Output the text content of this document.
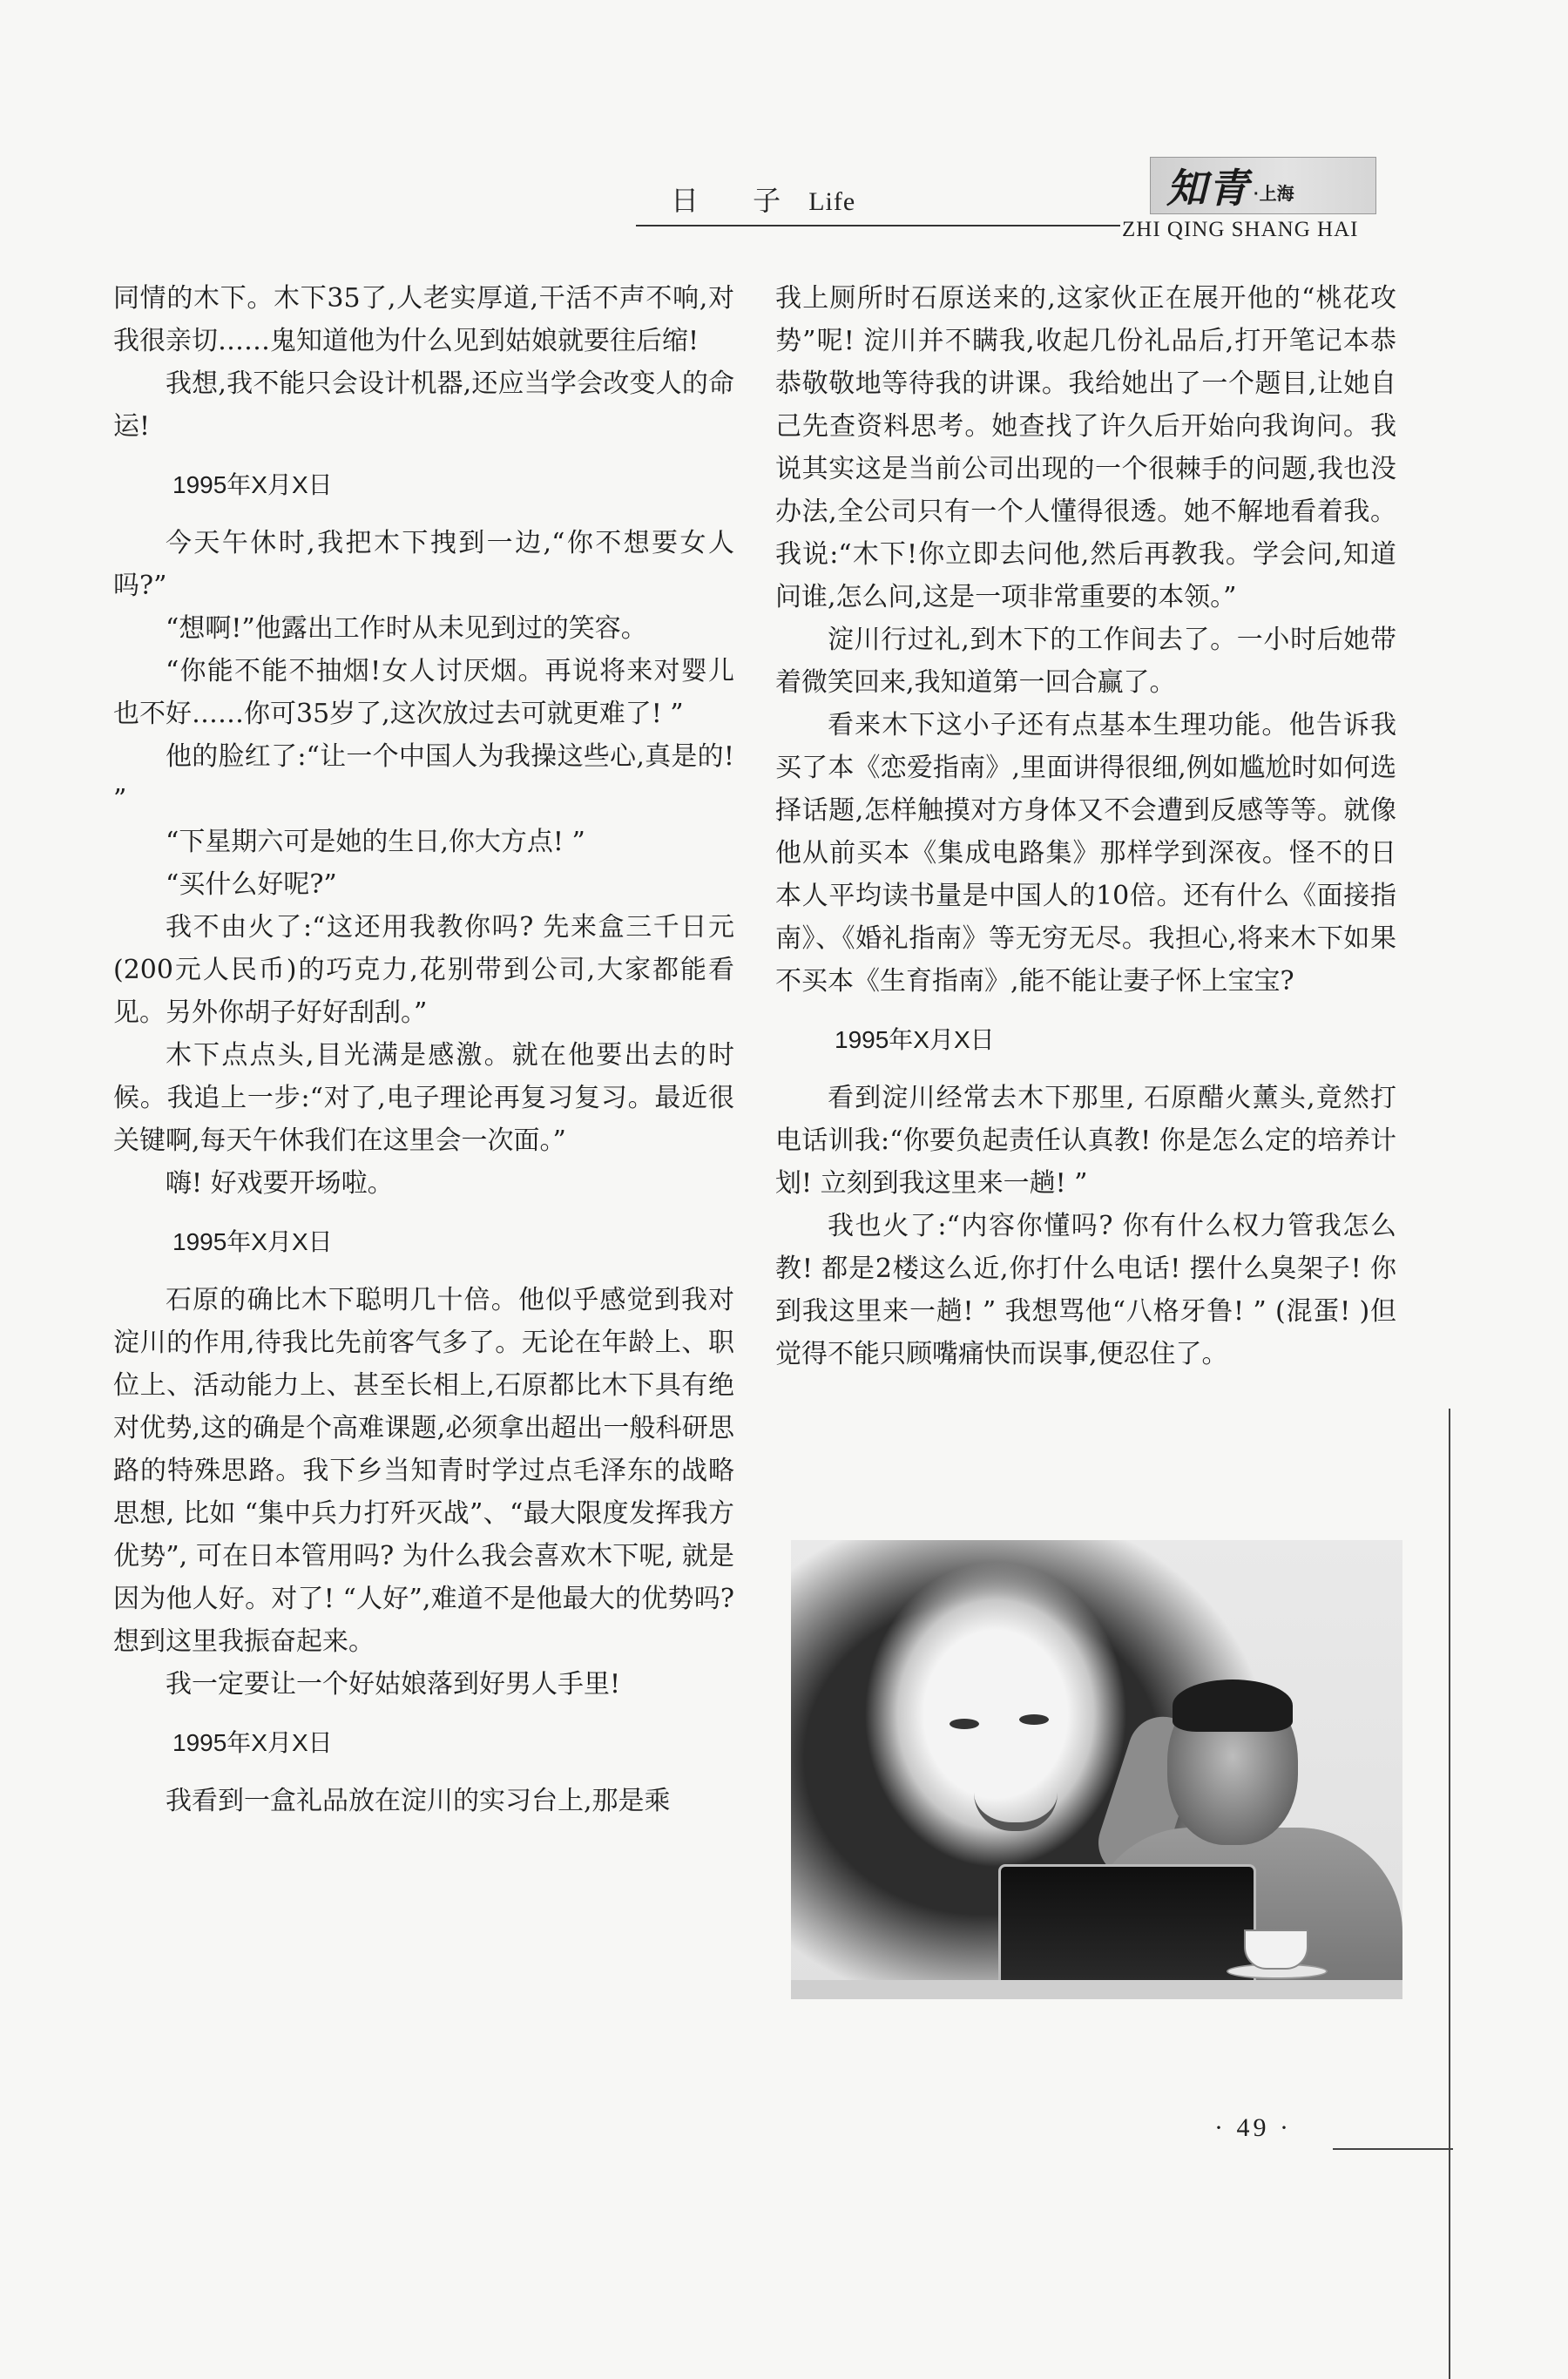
日 子 Life	知青 ·上海
ZHI QING SHANG HAI

同情的木下。木下35了,人老实厚道,干活不声不响,对我很亲切……鬼知道他为什么见到姑娘就要往后缩!

我想,我不能只会设计机器,还应当学会改变人的命运!

1995年X月X日

今天午休时,我把木下拽到一边,“你不想要女人吗?”

“想啊!”他露出工作时从未见到过的笑容。

“你能不能不抽烟!女人讨厌烟。再说将来对婴儿也不好……你可35岁了,这次放过去可就更难了! ”

他的脸红了:“让一个中国人为我操这些心,真是的! ”

“下星期六可是她的生日,你大方点! ”

“买什么好呢?”

我不由火了:“这还用我教你吗? 先来盒三千日元(200元人民币)的巧克力,花别带到公司,大家都能看见。另外你胡子好好刮刮。”

木下点点头,目光满是感激。就在他要出去的时候。我追上一步:“对了,电子理论再复习复习。最近很关键啊,每天午休我们在这里会一次面。”

嗨! 好戏要开场啦。

1995年X月X日

石原的确比木下聪明几十倍。他似乎感觉到我对淀川的作用,待我比先前客气多了。无论在年龄上、职位上、活动能力上、甚至长相上,石原都比木下具有绝对优势,这的确是个高难课题,必须拿出超出一般科研思路的特殊思路。我下乡当知青时学过点毛泽东的战略思想, 比如 “集中兵力打歼灭战”、“最大限度发挥我方优势”, 可在日本管用吗? 为什么我会喜欢木下呢, 就是因为他人好。对了! “人好”,难道不是他最大的优势吗? 想到这里我振奋起来。

我一定要让一个好姑娘落到好男人手里!

1995年X月X日

我看到一盒礼品放在淀川的实习台上,那是乘

我上厕所时石原送来的,这家伙正在展开他的“桃花攻势”呢! 淀川并不瞒我,收起几份礼品后,打开笔记本恭恭敬敬地等待我的讲课。我给她出了一个题目,让她自己先查资料思考。她查找了许久后开始向我询问。我说其实这是当前公司出现的一个很棘手的问题,我也没办法,全公司只有一个人懂得很透。她不解地看着我。我说:“木下!你立即去问他,然后再教我。学会问,知道问谁,怎么问,这是一项非常重要的本领。”

淀川行过礼,到木下的工作间去了。一小时后她带着微笑回来,我知道第一回合赢了。

看来木下这小子还有点基本生理功能。他告诉我买了本《恋爱指南》,里面讲得很细,例如尴尬时如何选择话题,怎样触摸对方身体又不会遭到反感等等。就像他从前买本《集成电路集》那样学到深夜。怪不的日本人平均读书量是中国人的10倍。还有什么《面接指南》、《婚礼指南》等无穷无尽。我担心,将来木下如果不买本《生育指南》,能不能让妻子怀上宝宝?

1995年X月X日

看到淀川经常去木下那里, 石原醋火薰头,竟然打电话训我:“你要负起责任认真教! 你是怎么定的培养计划! 立刻到我这里来一趟! ”

我也火了:“内容你懂吗? 你有什么权力管我怎么教! 都是2楼这么近,你打什么电话! 摆什么臭架子! 你到我这里来一趟! ” 我想骂他“八格牙鲁! ” (混蛋! )但觉得不能只顾嘴痛快而误事,便忍住了。

· 49 ·
